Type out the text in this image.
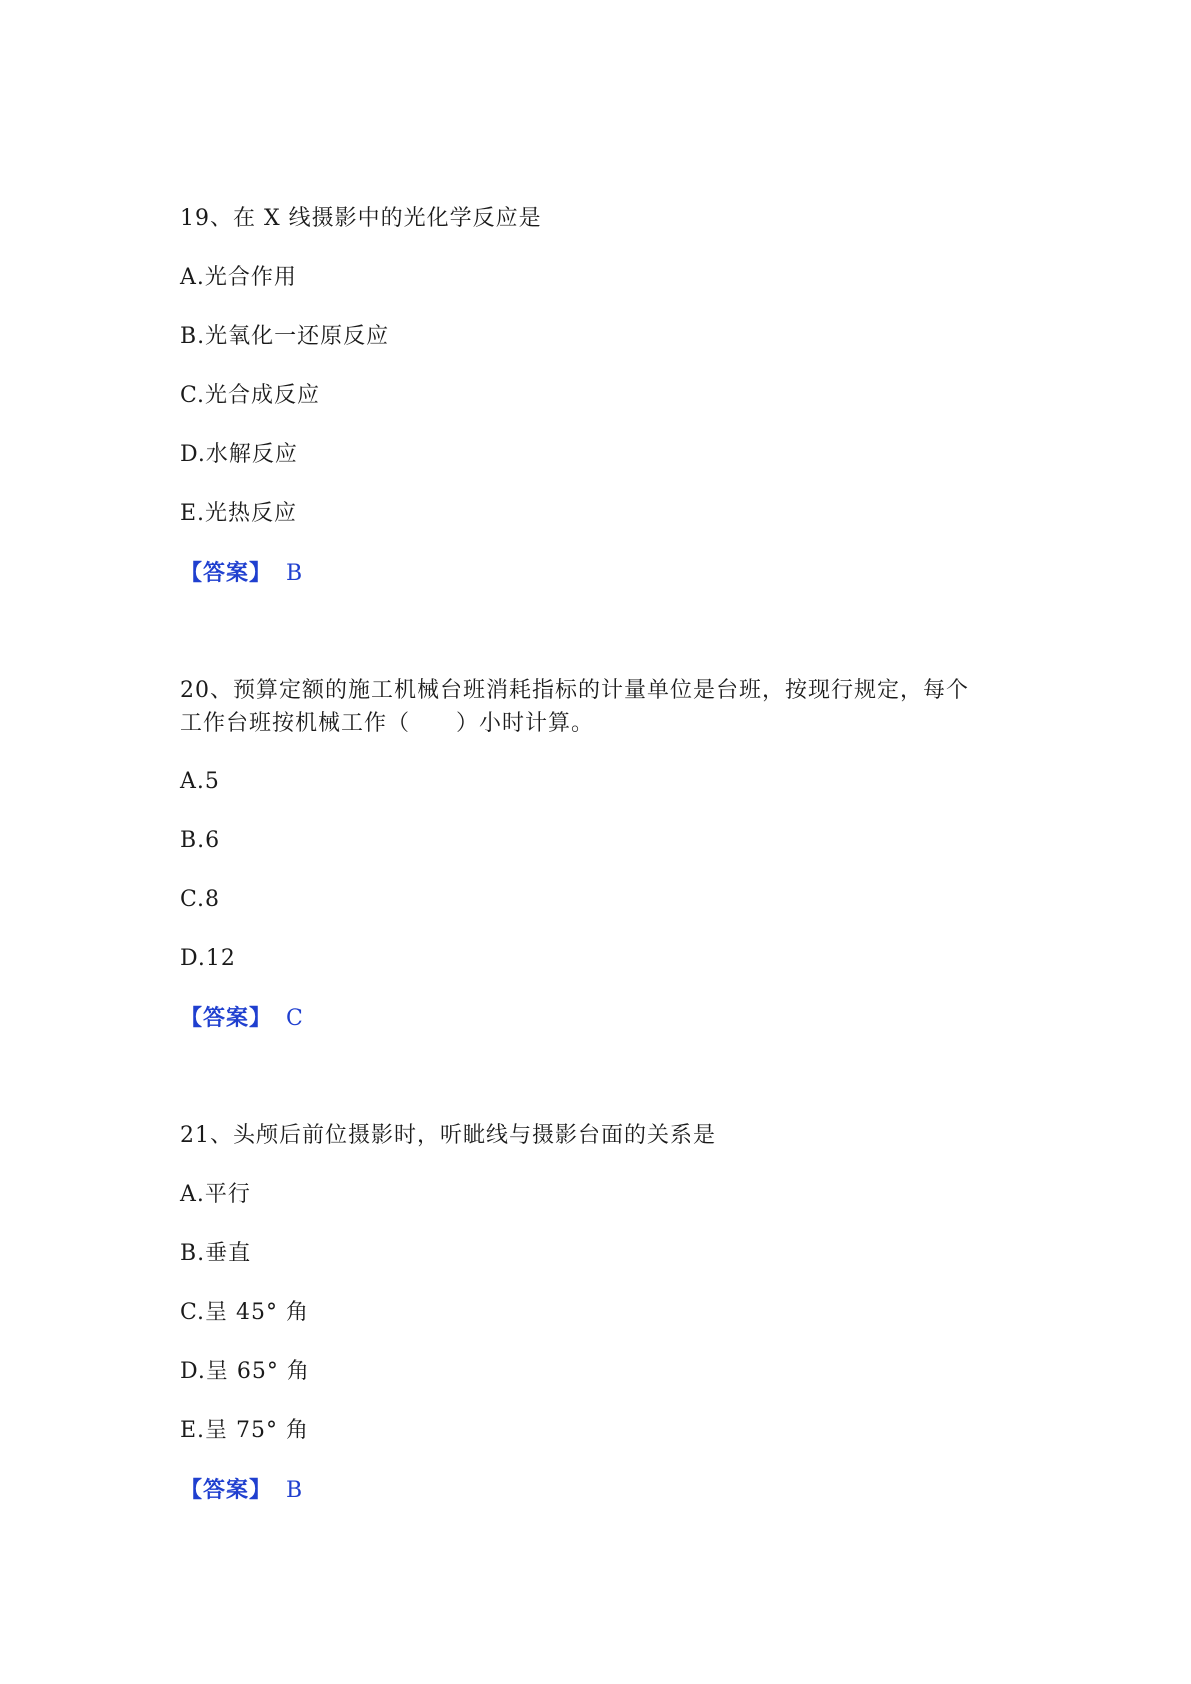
19、在 X 线摄影中的光化学反应是
A.光合作用
B.光氧化一还原反应
C.光合成反应
D.水解反应
E.光热反应
【答案】 B
20、预算定额的施工机械台班消耗指标的计量单位是台班，按现行规定，每个
工作台班按机械工作（　　）小时计算。
A.5
B.6
C.8
D.12
【答案】 C
21、头颅后前位摄影时，听眦线与摄影台面的关系是
A.平行
B.垂直
C.呈 45° 角
D.呈 65° 角
E.呈 75° 角
【答案】 B
